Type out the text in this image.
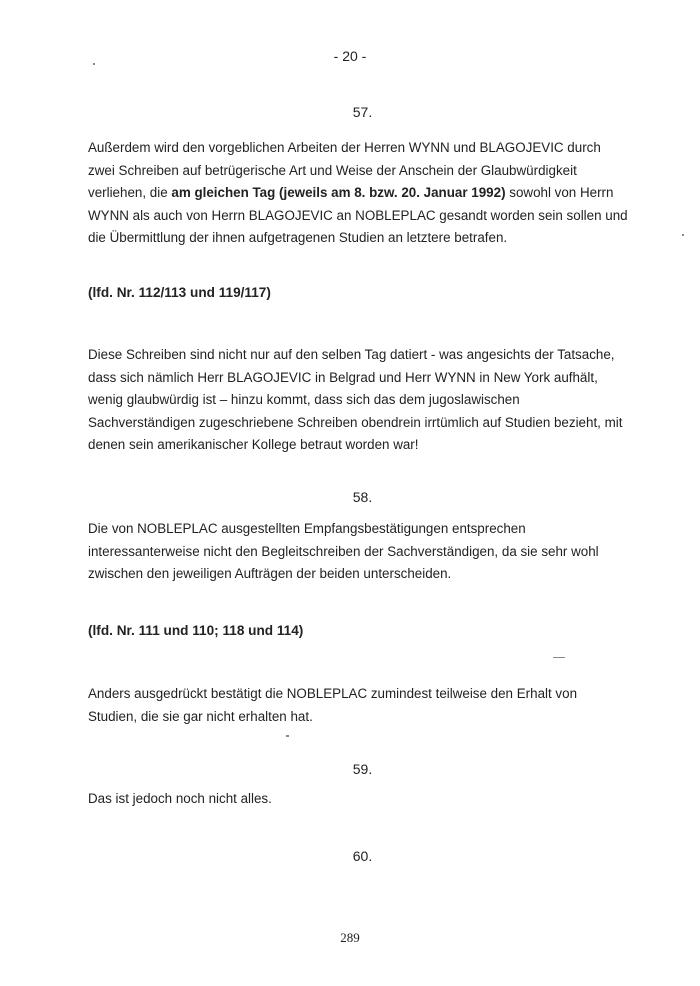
- 20 -
57.

Außerdem wird den vorgeblichen Arbeiten der Herren WYNN und BLAGOJEVIC durch zwei Schreiben auf betrügerische Art und Weise der Anschein der Glaubwürdigkeit verliehen, die am gleichen Tag (jeweils am 8. bzw. 20. Januar 1992) sowohl von Herrn WYNN als auch von Herrn BLAGOJEVIC an NOBLEPLAC gesandt worden sein sollen und die Übermittlung der ihnen aufgetragenen Studien an letztere betrafen.

(lfd. Nr. 112/113 und 119/117)
Diese Schreiben sind nicht nur auf den selben Tag datiert - was angesichts der Tatsache, dass sich nämlich Herr BLAGOJEVIC in Belgrad und Herr WYNN in New York aufhält, wenig glaubwürdig ist – hinzu kommt, dass sich das dem jugoslawischen Sachverständigen zugeschriebene Schreiben obendrein irrtümlich auf Studien bezieht, mit denen sein amerikanischer Kollege betraut worden war!
58.
Die von NOBLEPLAC ausgestellten Empfangsbestätigungen entsprechen interessanterweise nicht den Begleitschreiben der Sachverständigen, da sie sehr wohl zwischen den jeweiligen Aufträgen der beiden unterscheiden.
(lfd. Nr. 111 und 110; 118 und 114)
Anders ausgedrückt bestätigt die NOBLEPLAC zumindest teilweise den Erhalt von Studien, die sie gar nicht erhalten hat.
59.
Das ist jedoch noch nicht alles.
60.
289
